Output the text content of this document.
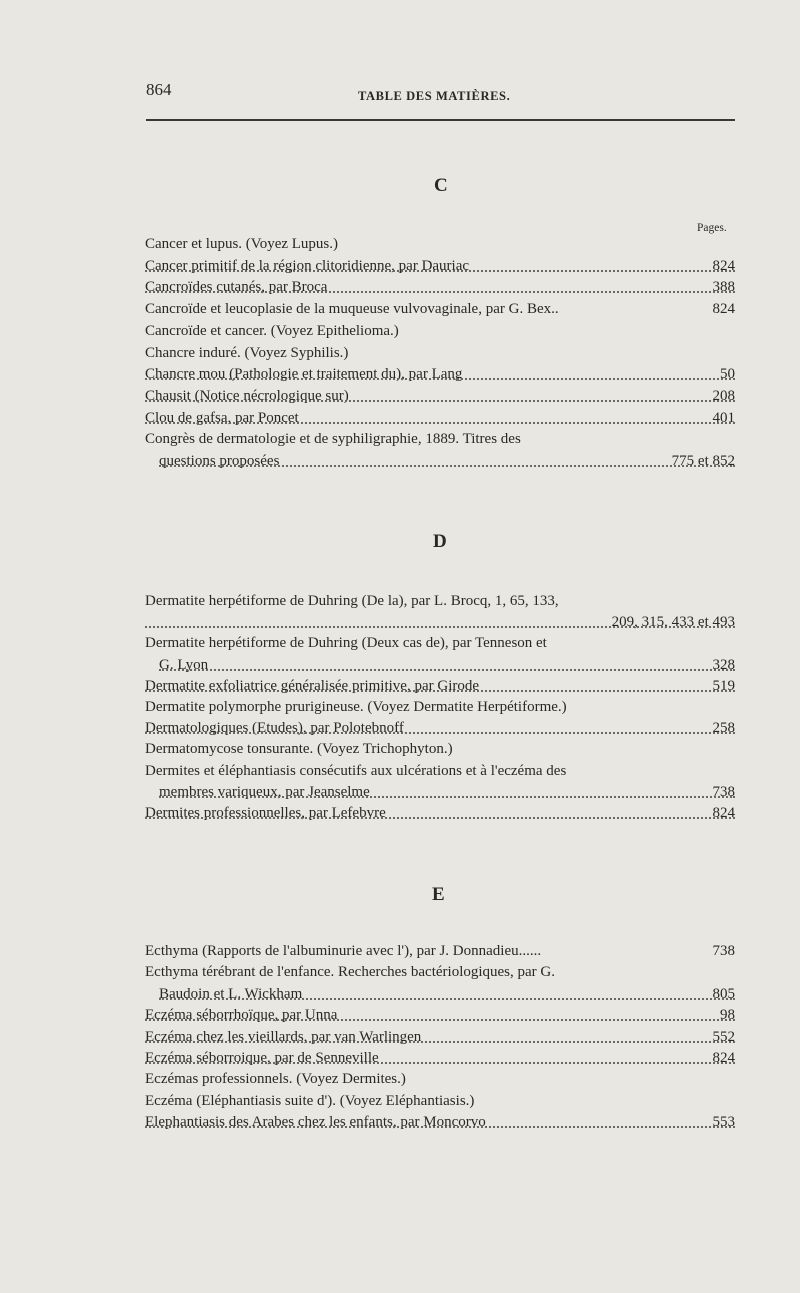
864	TABLE DES MATIÈRES.
C
Pages.
Cancer et lupus. (Voyez Lupus.)
824
Cancer primitif de la région clitoridienne, par Dauriac
388
Cancroïdes cutanés, par Broca
824
Cancroïde et leucoplasie de la muqueuse vulvovaginale, par G. Bex..
Cancroïde et cancer. (Voyez Epithelioma.)
Chancre induré. (Voyez Syphilis.)
50
Chancre mou (Pathologie et traitement du), par Lang
208
Chausit (Notice nécrologique sur)
401
Clou de gafsa, par Poncet
Congrès de dermatologie et de syphiligraphie, 1889. Titres des
775 et 852
questions proposées
D
Dermatite herpétiforme de Duhring (De la), par L. Brocq, 1, 65, 133,
209, 315, 433 et 493
Dermatite herpétiforme de Duhring (Deux cas de), par Tenneson et
328
G. Lyon
519
Dermatite exfoliatrice généralisée primitive, par Girode
Dermatite polymorphe prurigineuse. (Voyez Dermatite Herpétiforme.)
258
Dermatologiques (Etudes), par Polotebnoff
Dermatomycose tonsurante. (Voyez Trichophyton.)
Dermites et éléphantiasis consécutifs aux ulcérations et à l'eczéma des
738
membres variqueux, par Jeanselme
824
Dermites professionnelles, par Lefebvre
E
738
Ecthyma (Rapports de l'albuminurie avec l'), par J. Donnadieu......
Ecthyma térébrant de l'enfance. Recherches bactériologiques, par G.
805
Baudoin et L. Wickham
98
Eczéma séborrhoïque, par Unna
552
Eczéma chez les vieillards, par van Warlingen
824
Eczéma séborroique, par de Senneville
Eczémas professionnels. (Voyez Dermites.)
Eczéma (Eléphantiasis suite d'). (Voyez Eléphantiasis.)
553
Elephantiasis des Arabes chez les enfants, par Moncorvo
